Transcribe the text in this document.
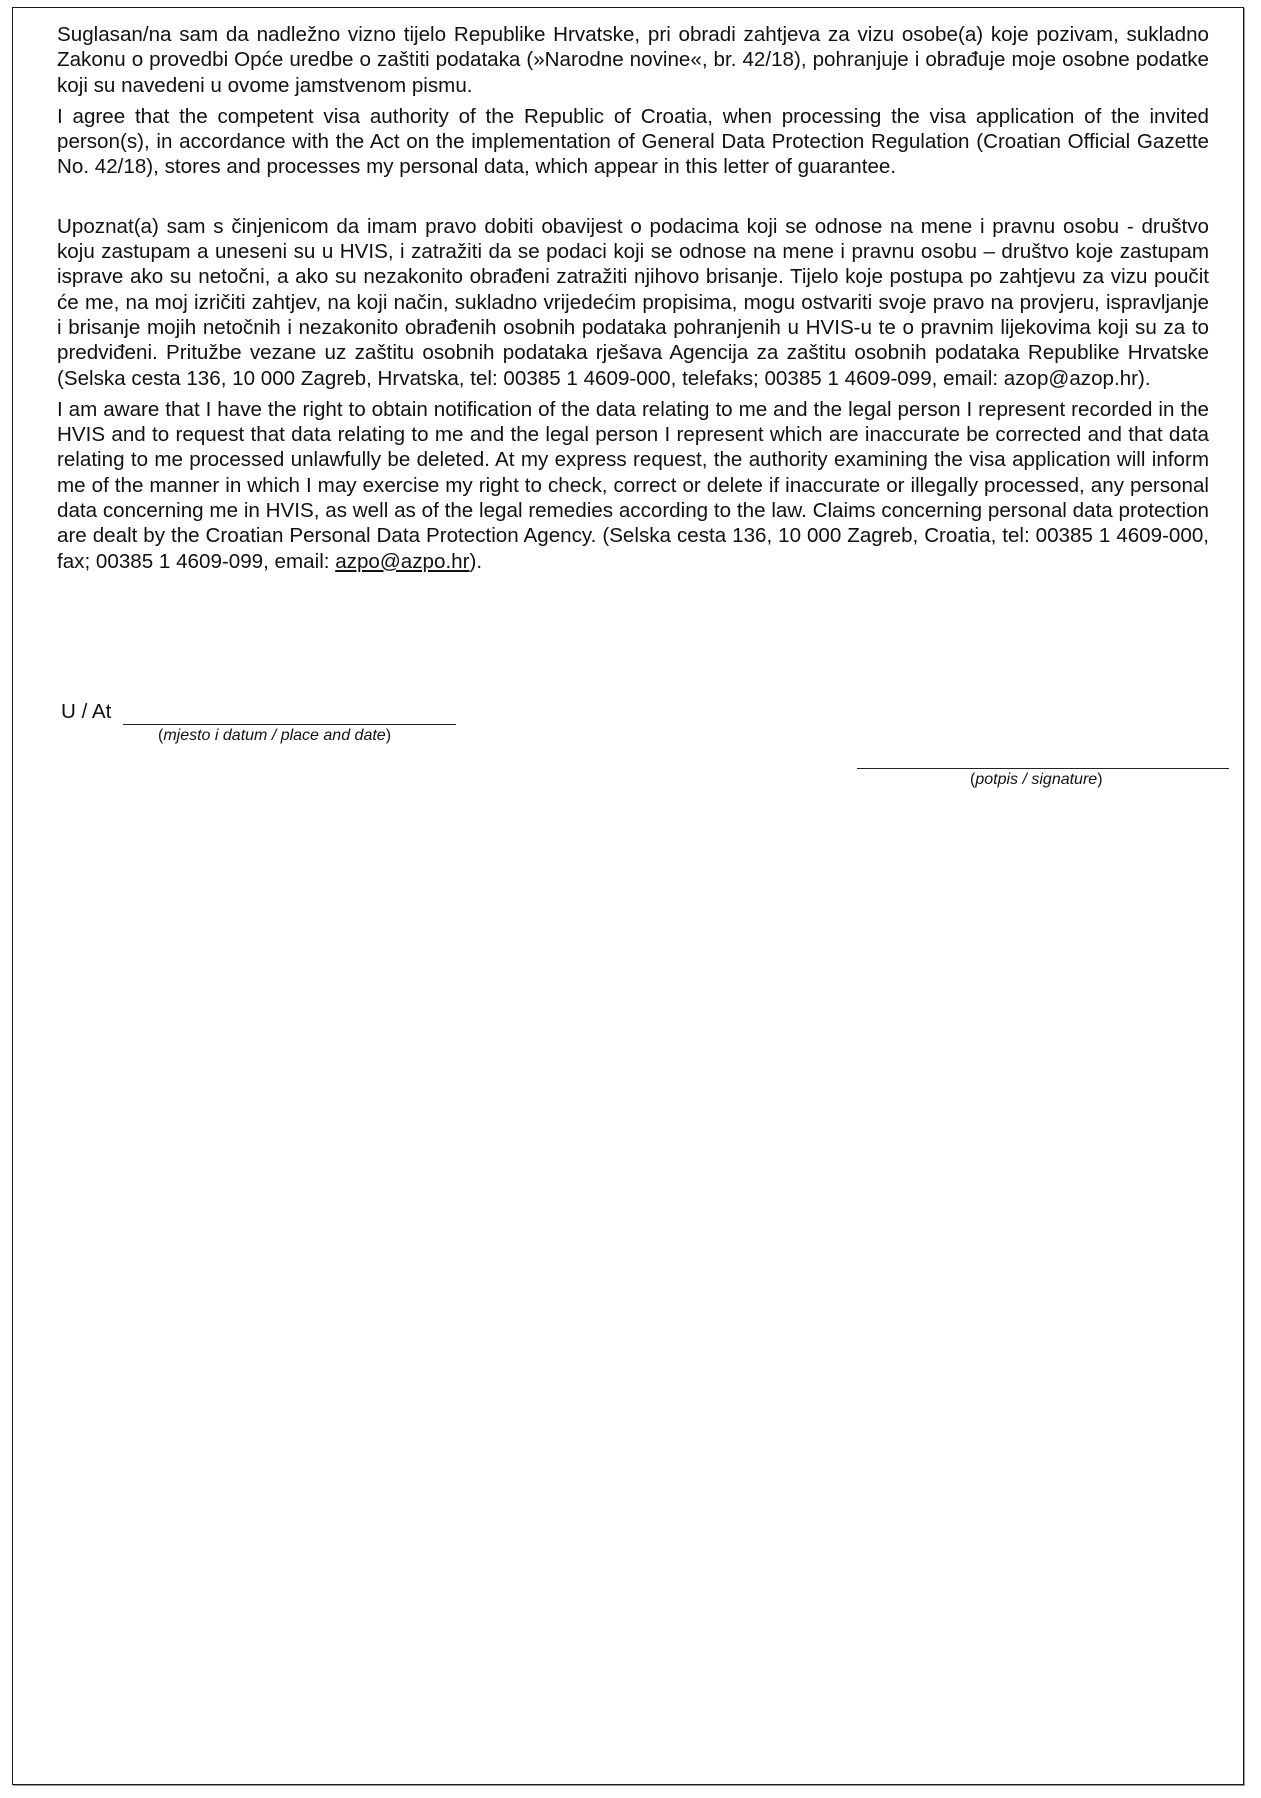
Suglasan/na sam da nadležno vizno tijelo Republike Hrvatske, pri obradi zahtjeva za vizu osobe(a) koje pozivam, sukladno Zakonu o provedbi Opće uredbe o zaštiti podataka (»Narodne novine«, br. 42/18), pohranjuje i obrađuje moje osobne podatke koji su navedeni u ovome jamstvenom pismu.

I agree that the competent visa authority of the Republic of Croatia, when processing the visa application of the invited person(s), in accordance with the Act on the implementation of General Data Protection Regulation (Croatian Official Gazette No. 42/18), stores and processes my personal data, which appear in this letter of guarantee.

Upoznat(a) sam s činjenicom da imam pravo dobiti obavijest o podacima koji se odnose na mene i pravnu osobu - društvo koju zastupam a uneseni su u HVIS, i zatražiti da se podaci koji se odnose na mene i pravnu osobu – društvo koje zastupam isprave ako su netočni, a ako su nezakonito obrađeni zatražiti njihovo brisanje. Tijelo koje postupa po zahtjevu za vizu poučit će me, na moj izričiti zahtjev, na koji način, sukladno vrijedećim propisima, mogu ostvariti svoje pravo na provjeru, ispravljanje i brisanje mojih netočnih i nezakonito obrađenih osobnih podataka pohranjenih u HVIS-u te o pravnim lijekovima koji su za to predviđeni. Pritužbe vezane uz zaštitu osobnih podataka rješava Agencija za zaštitu osobnih podataka Republike Hrvatske (Selska cesta 136, 10 000 Zagreb, Hrvatska, tel: 00385 1 4609-000, telefaks; 00385 1 4609-099, email: azop@azop.hr).

I am aware that I have the right to obtain notification of the data relating to me and the legal person I represent recorded in the HVIS and to request that data relating to me and the legal person I represent which are inaccurate be corrected and that data relating to me processed unlawfully be deleted. At my express request, the authority examining the visa application will inform me of the manner in which I may exercise my right to check, correct or delete if inaccurate or illegally processed, any personal data concerning me in HVIS, as well as of the legal remedies according to the law. Claims concerning personal data protection are dealt by the Croatian Personal Data Protection Agency. (Selska cesta 136, 10 000 Zagreb, Croatia, tel: 00385 1 4609-000, fax; 00385 1 4609-099, email: azpo@azpo.hr).

U / At
(mjesto i datum / place and date)
(potpis / signature)
